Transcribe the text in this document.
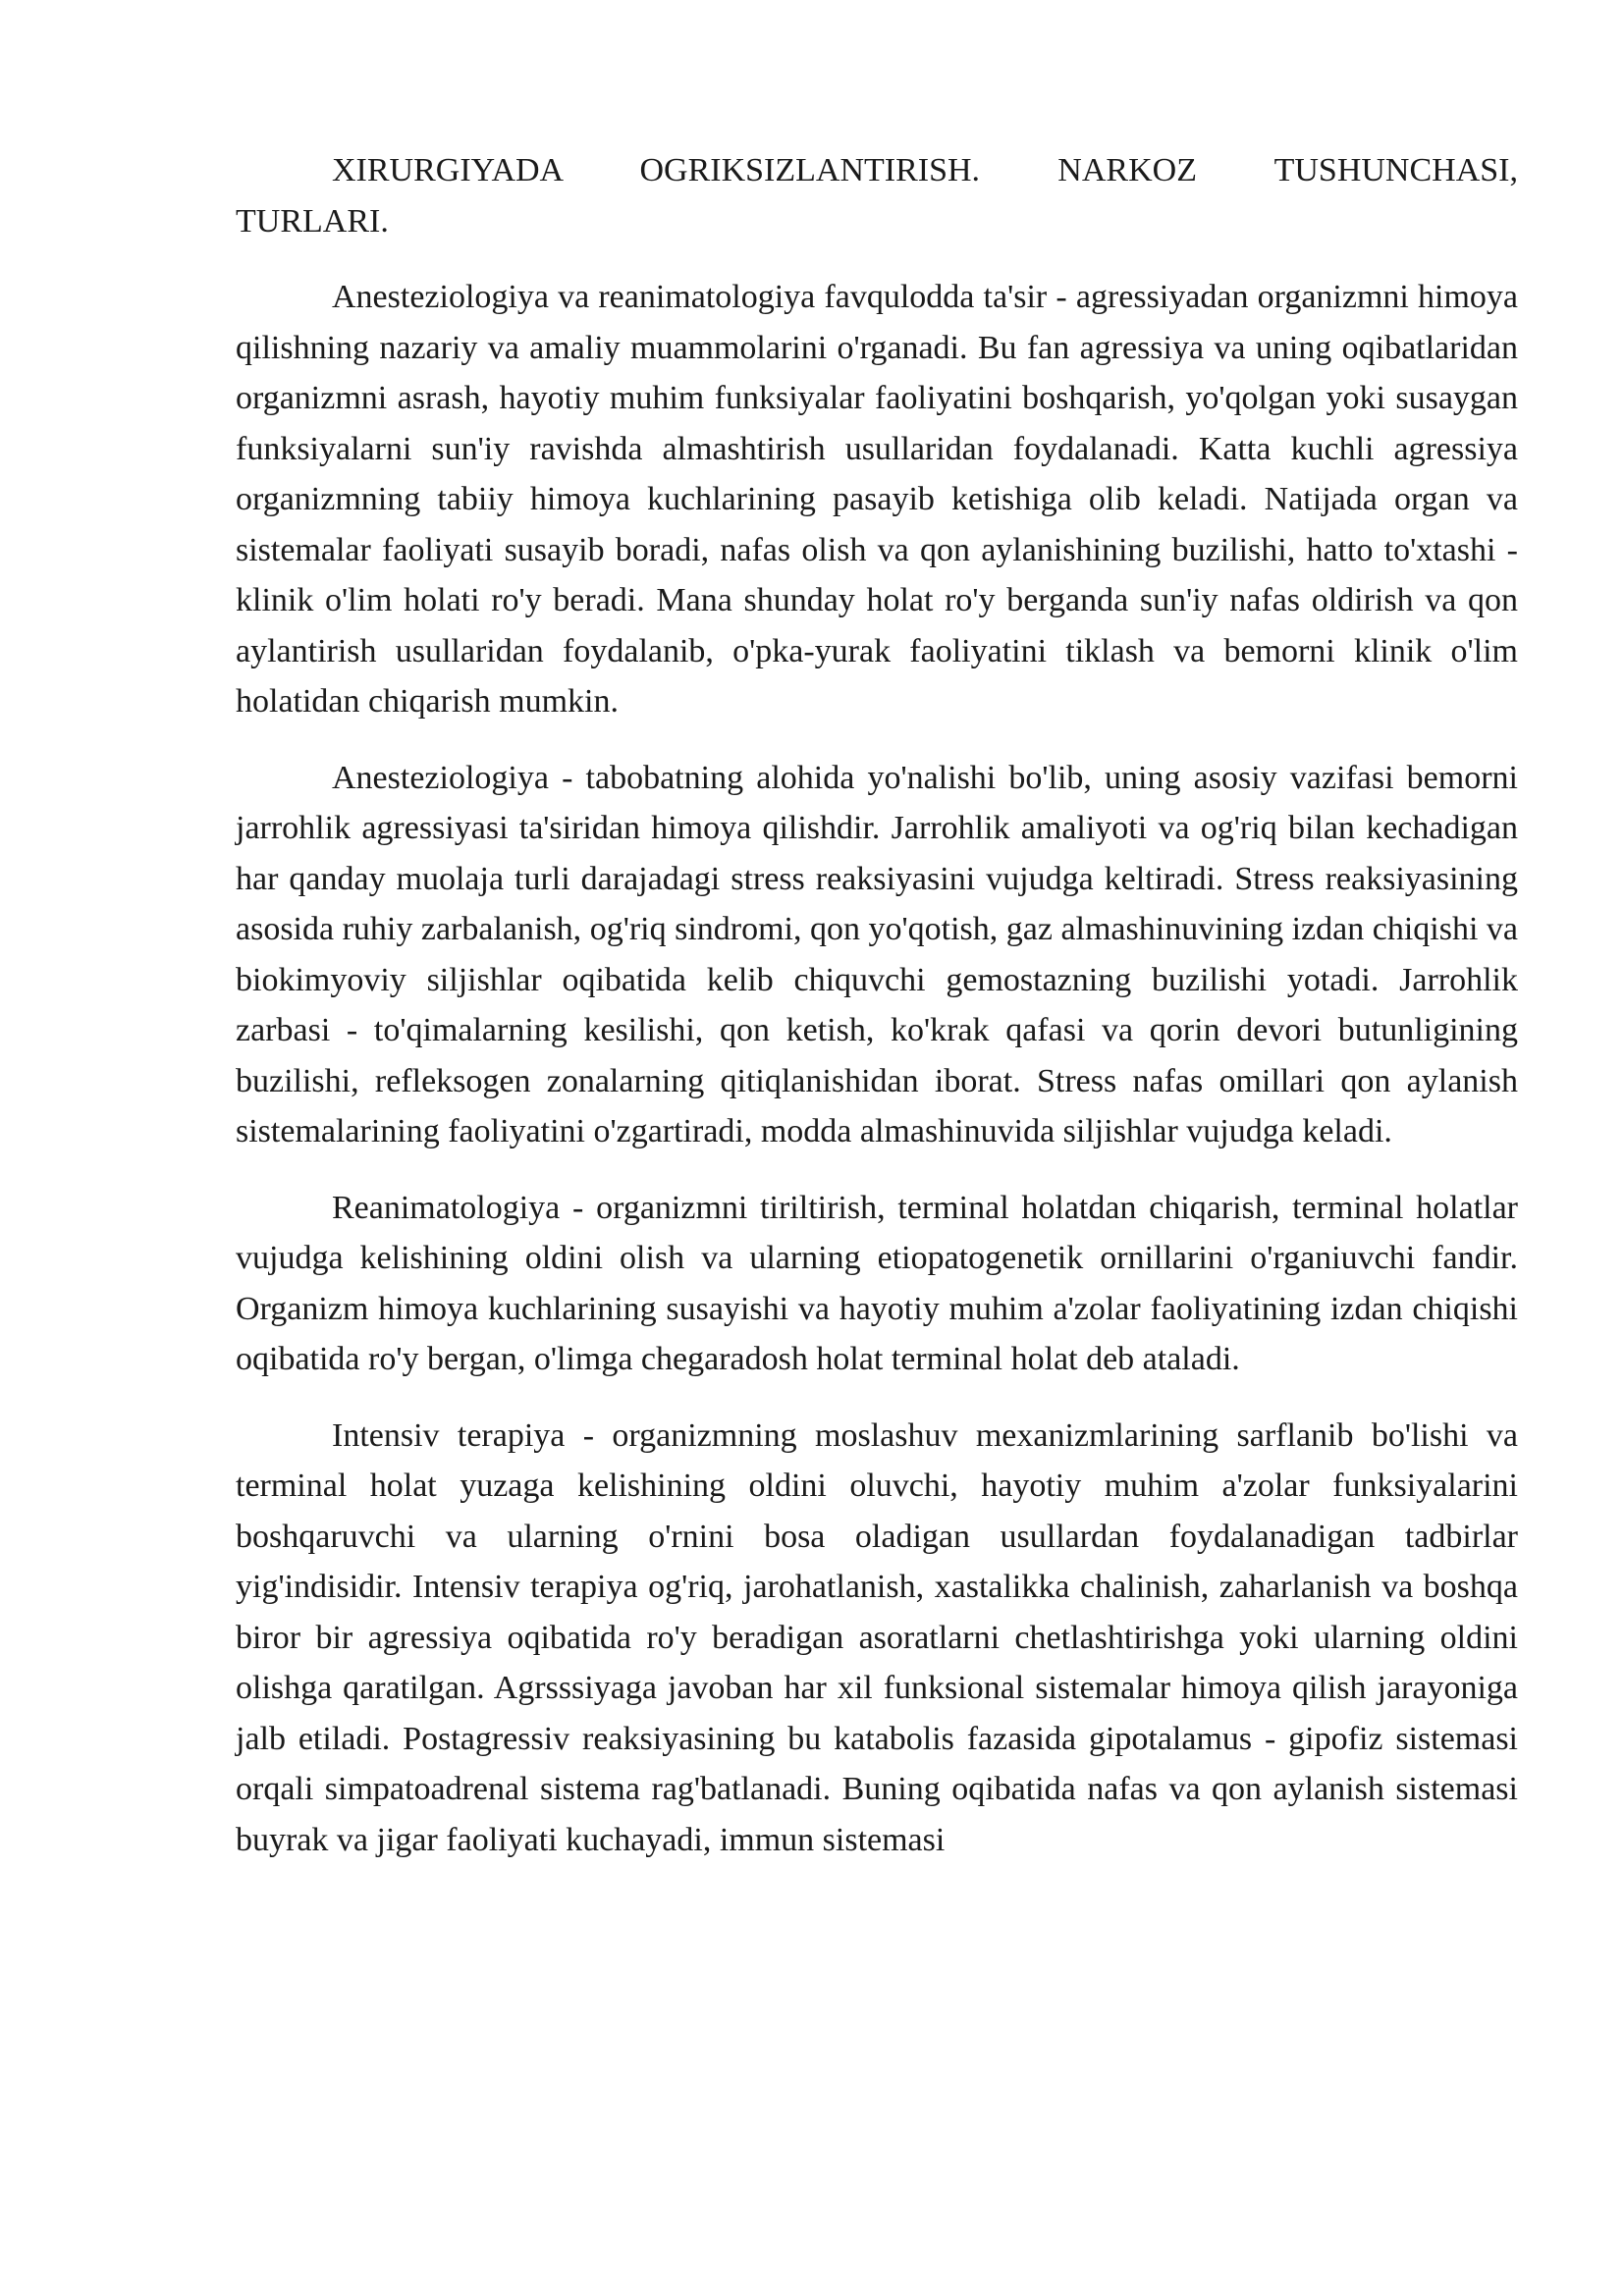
XIRURGIYADA OGRIKSIZLANTIRISH. NARKOZ TUSHUNCHASI, TURLARI.

Anesteziologiya va reanimatologiya favqulodda ta'sir - agressiyadan organizmni himoya qilishning nazariy va amaliy muammolarini o'rganadi. Bu fan agressiya va uning oqibatlaridan organizmni asrash, hayotiy muhim funksiyalar faoliyatini boshqarish, yo'qolgan yoki susaygan funksiyalarni sun'iy ravishda almashtirish usullaridan foydalanadi. Katta kuchli agressiya organizmning tabiiy himoya kuchlarining pasayib ketishiga olib keladi. Natijada organ va sistemalar faoliyati susayib boradi, nafas olish va qon aylanishining buzilishi, hatto to'xtashi - klinik o'lim holati ro'y beradi. Mana shunday holat ro'y berganda sun'iy nafas oldirish va qon aylantirish usullaridan foydalanib, o'pka-yurak faoliyatini tiklash va bemorni klinik o'lim holatidan chiqarish mumkin.

Anesteziologiya - tabobatning alohida yo'nalishi bo'lib, uning asosiy vazifasi bemorni jarrohlik agressiyasi ta'siridan himoya qilishdir. Jarrohlik amaliyoti va og'riq bilan kechadigan har qanday muolaja turli darajadagi stress reaksiyasini vujudga keltiradi. Stress reaksiyasining asosida ruhiy zarbalanish, og'riq sindromi, qon yo'qotish, gaz almashinuvining izdan chiqishi va biokimyoviy siljishlar oqibatida kelib chiquvchi gemostazning buzilishi yotadi. Jarrohlik zarbasi - to'qimalarning kesilishi, qon ketish, ko'krak qafasi va qorin devori butunligining buzilishi, refleksogen zonalarning qitiqlanishidan iborat. Stress nafas omillari qon aylanish sistemalarining faoliyatini o'zgartiradi, modda almashinuvida siljishlar vujudga keladi.

Reanimatologiya - organizmni tiriltirish, terminal holatdan chiqarish, terminal holatlar vujudga kelishining oldini olish va ularning etiopatogenetik ornillarini o'rganiuvchi fandir. Organizm himoya kuchlarining susayishi va hayotiy muhim a'zolar faoliyatining izdan chiqishi oqibatida ro'y bergan, o'limga chegaradosh holat terminal holat deb ataladi.

Intensiv terapiya - organizmning moslashuv mexanizmlarining sarflanib bo'lishi va terminal holat yuzaga kelishining oldini oluvchi, hayotiy muhim a'zolar funksiyalarini boshqaruvchi va ularning o'rnini bosa oladigan usullardan foydalanadigan tadbirlar yig'indisidir. Intensiv terapiya og'riq, jarohatlanish, xastalikka chalinish, zaharlanish va boshqa biror bir agressiya oqibatida ro'y beradigan asoratlarni chetlashtirishga yoki ularning oldini olishga qaratilgan. Agrsssiyaga javoban har xil funksional sistemalar himoya qilish jarayoniga jalb etiladi. Postagressiv reaksiyasining bu katabolis fazasida gipotalamus - gipofiz sistemasi orqali simpatoadrenal sistema rag'batlanadi. Buning oqibatida nafas va qon aylanish sistemasi buyrak va jigar faoliyati kuchayadi, immun sistemasi
